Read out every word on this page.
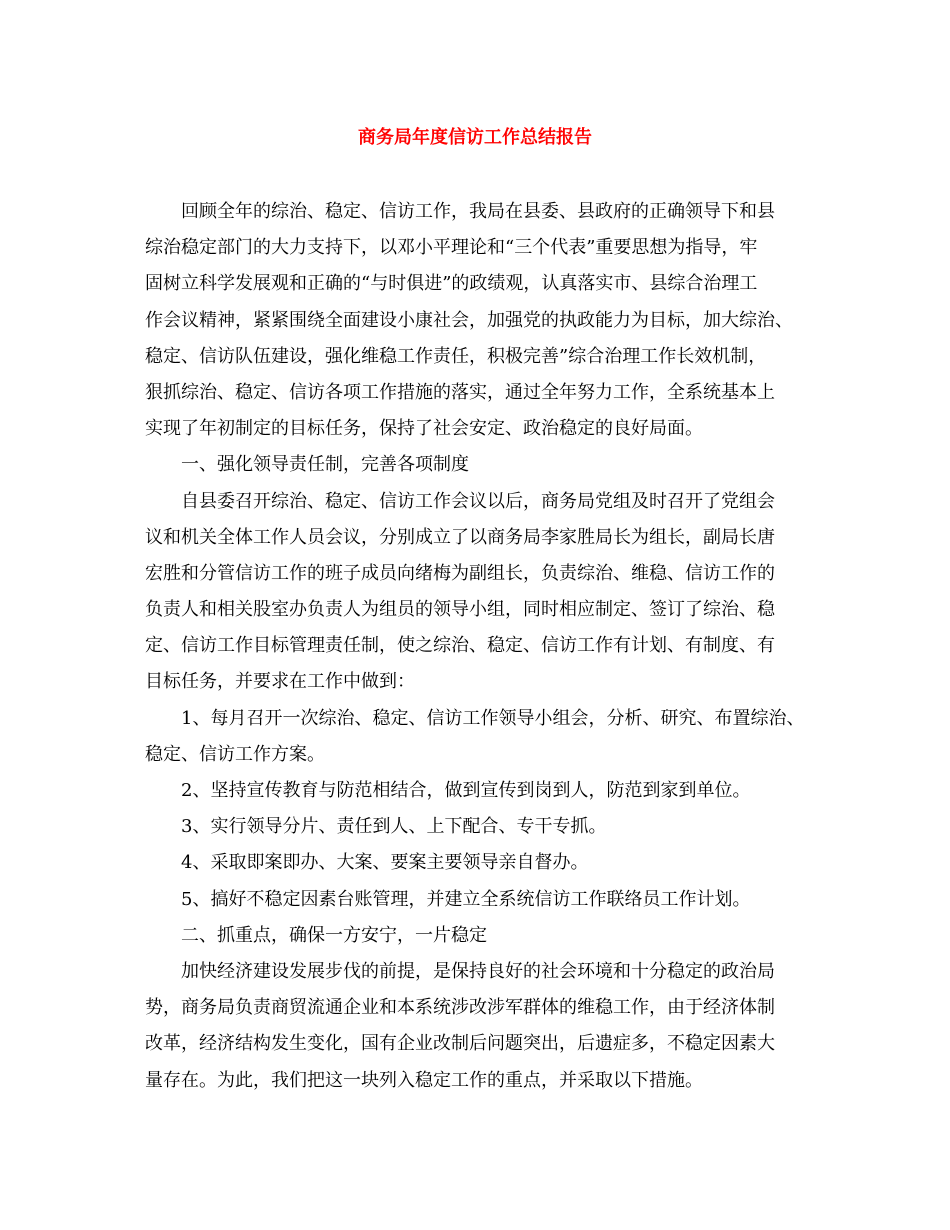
商务局年度信访工作总结报告
回顾全年的综治、稳定、信访工作，我局在县委、县政府的正确领导下和县
综治稳定部门的大力支持下，以邓小平理论和“三个代表”重要思想为指导，牢
固树立科学发展观和正确的“与时俱进”的政绩观，认真落实市、县综合治理工
作会议精神，紧紧围绕全面建设小康社会，加强党的执政能力为目标，加大综治、
稳定、信访队伍建设，强化维稳工作责任，积极完善”综合治理工作长效机制，
狠抓综治、稳定、信访各项工作措施的落实，通过全年努力工作，全系统基本上
实现了年初制定的目标任务，保持了社会安定、政治稳定的良好局面。
一、强化领导责任制，完善各项制度
自县委召开综治、稳定、信访工作会议以后，商务局党组及时召开了党组会
议和机关全体工作人员会议，分别成立了以商务局李家胜局长为组长，副局长唐
宏胜和分管信访工作的班子成员向绪梅为副组长，负责综治、维稳、信访工作的
负责人和相关股室办负责人为组员的领导小组，同时相应制定、签订了综治、稳
定、信访工作目标管理责任制，使之综治、稳定、信访工作有计划、有制度、有
目标任务，并要求在工作中做到：
1、每月召开一次综治、稳定、信访工作领导小组会，分析、研究、布置综治、
稳定、信访工作方案。
2、坚持宣传教育与防范相结合，做到宣传到岗到人，防范到家到单位。
3、实行领导分片、责任到人、上下配合、专干专抓。
4、采取即案即办、大案、要案主要领导亲自督办。
5、搞好不稳定因素台账管理，并建立全系统信访工作联络员工作计划。
二、抓重点，确保一方安宁，一片稳定
加快经济建设发展步伐的前提，是保持良好的社会环境和十分稳定的政治局
势，商务局负责商贸流通企业和本系统涉改涉军群体的维稳工作，由于经济体制
改革，经济结构发生变化，国有企业改制后问题突出，后遗症多，不稳定因素大
量存在。为此，我们把这一块列入稳定工作的重点，并采取以下措施。
